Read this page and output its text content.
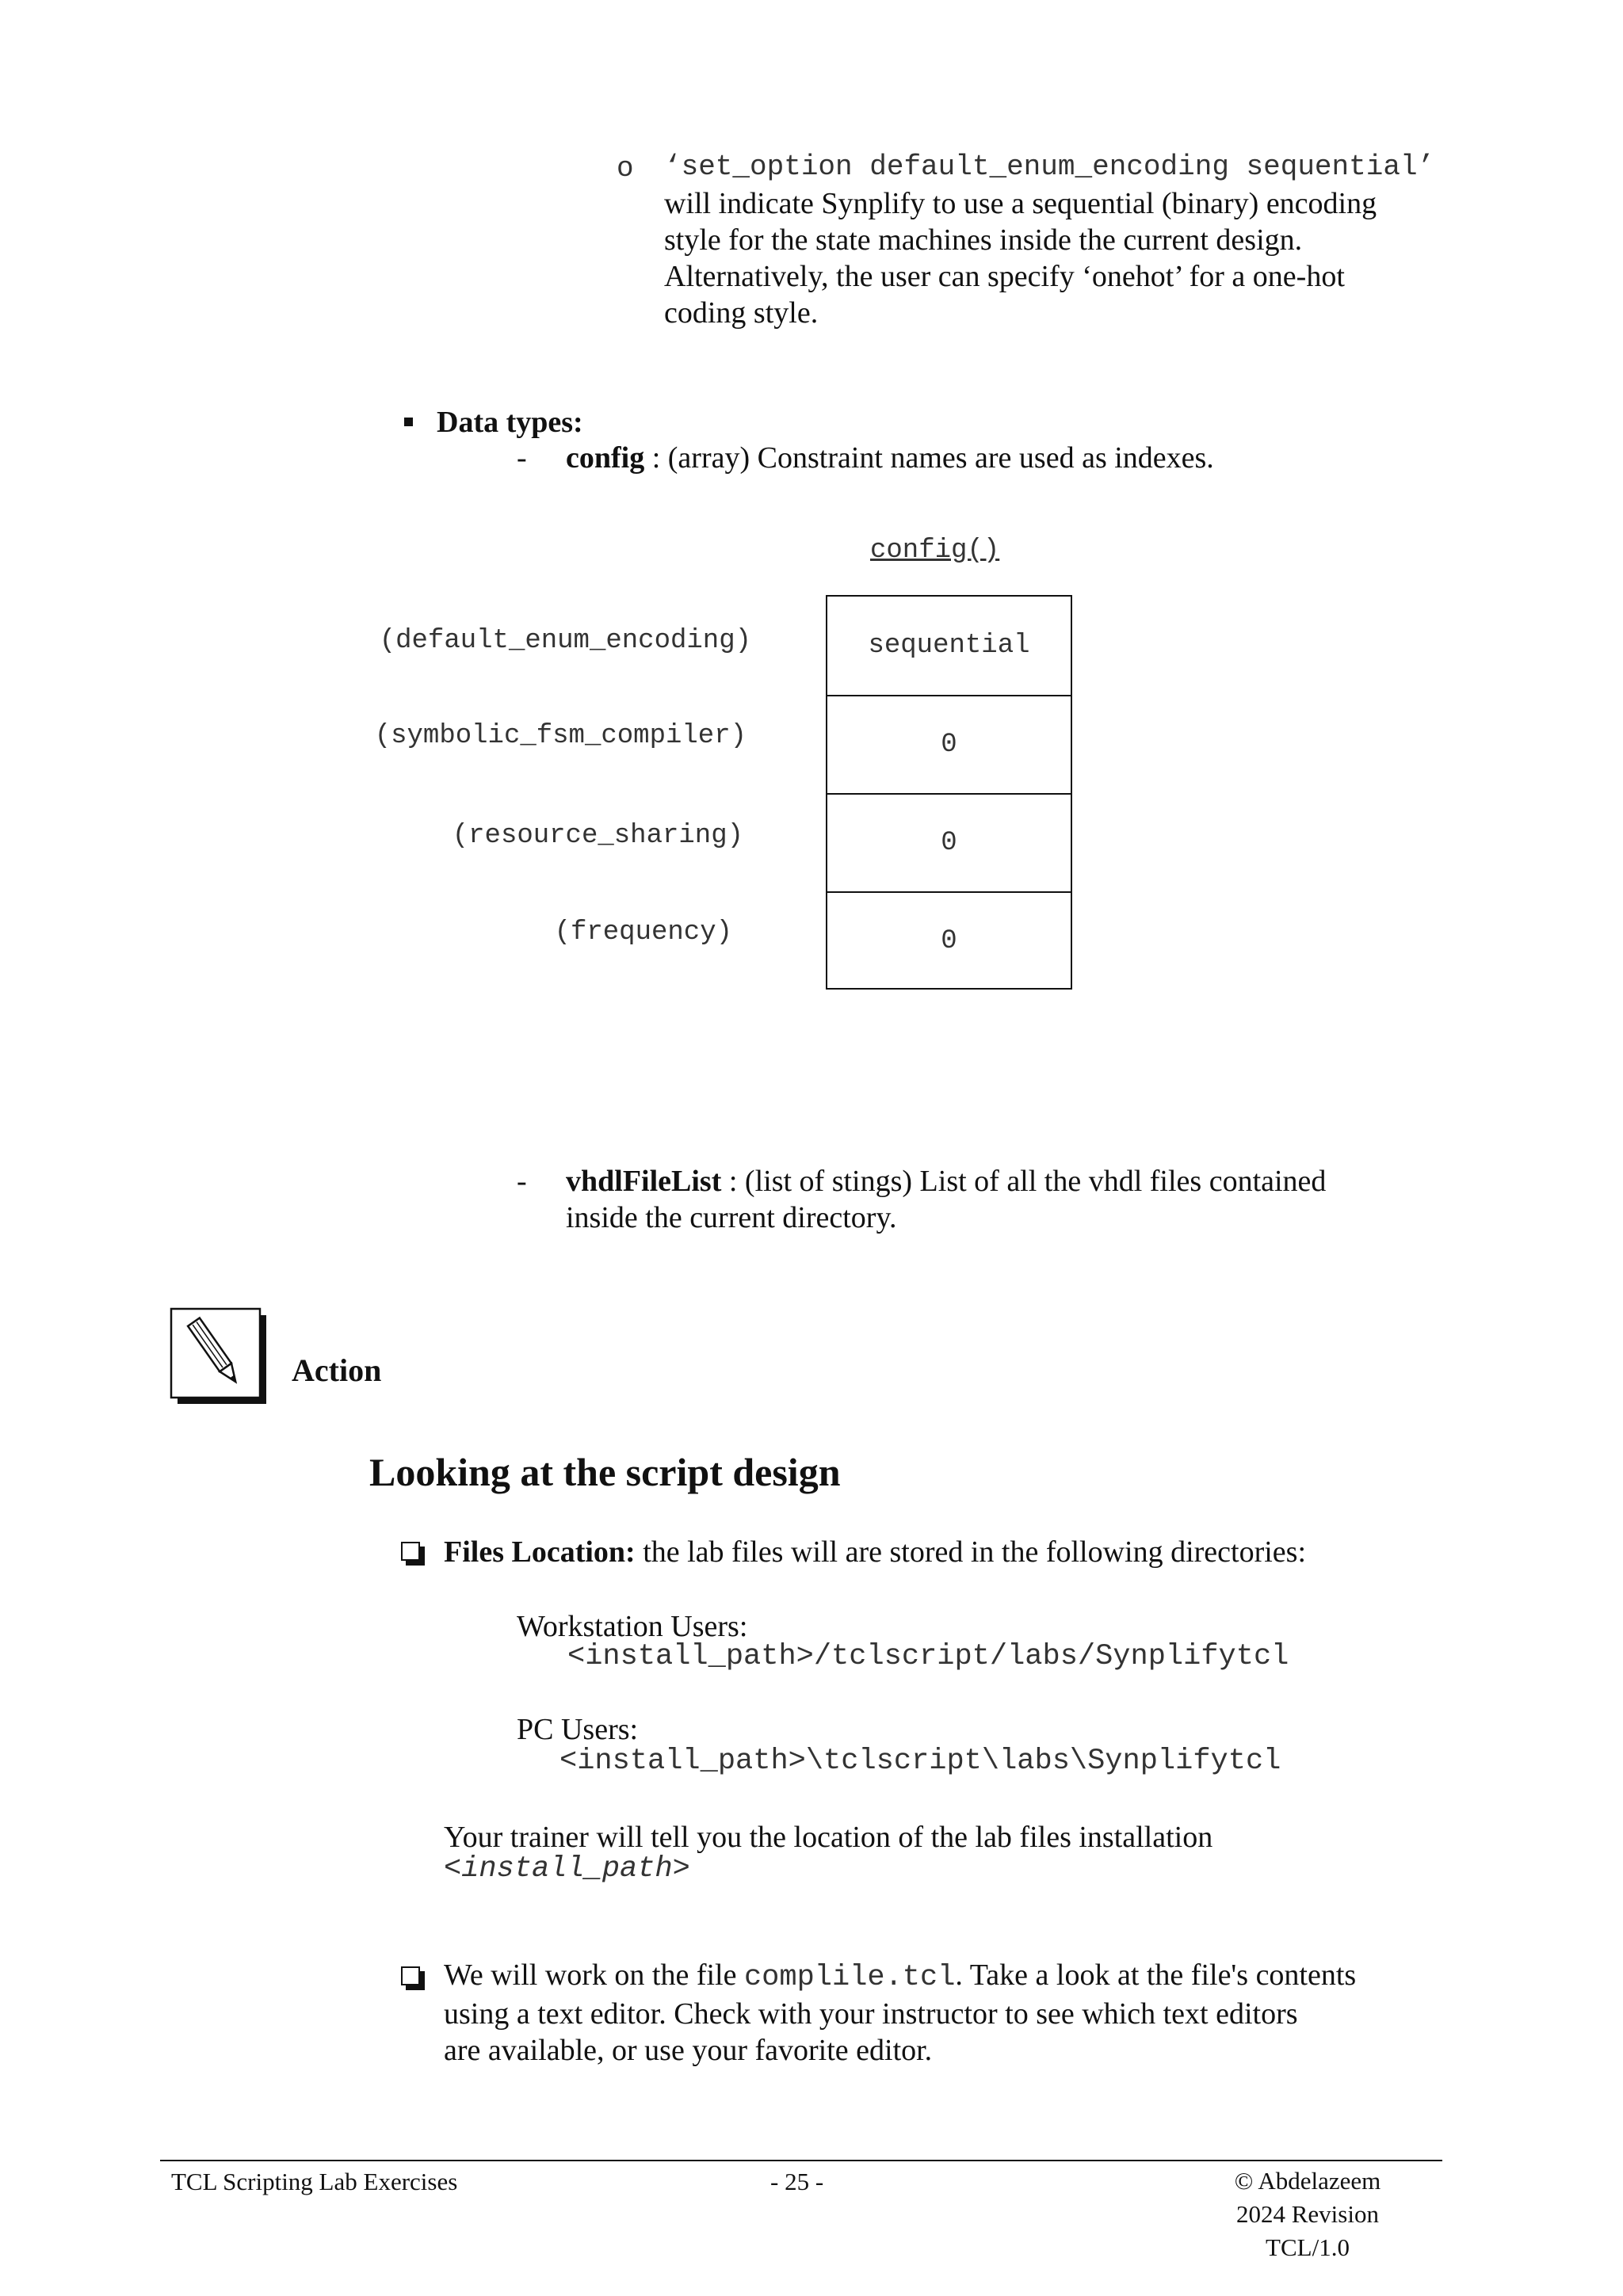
o ‘set_option default_enum_encoding sequential’
will indicate Synplify to use a sequential (binary) encoding
style for the state machines inside the current design.
Alternatively, the user can specify ‘onehot’ for a one-hot
coding style.
Data types:
- config : (array) Constraint names are used as indexes.
config()
(default_enum_encoding)
(symbolic_fsm_compiler)
(resource_sharing)
(frequency)
sequential
0
0
0
- vhdlFileList : (list of stings) List of all the vhdl files contained
inside the current directory.
Action
Looking at the script design
Files Location: the lab files will are stored in the following directories:
Workstation Users:
<install_path>/tclscript/labs/Synplifytcl
PC Users:
<install_path>\tclscript\labs\Synplifytcl
Your trainer will tell you the location of the lab files installation
<install_path>
We will work on the file complile.tcl. Take a look at the file's contents
using a text editor. Check with your instructor to see which text editors
are available, or use your favorite editor.
TCL Scripting Lab Exercises	- 25 -	© Abdelazeem
2024 Revision
TCL/1.0
